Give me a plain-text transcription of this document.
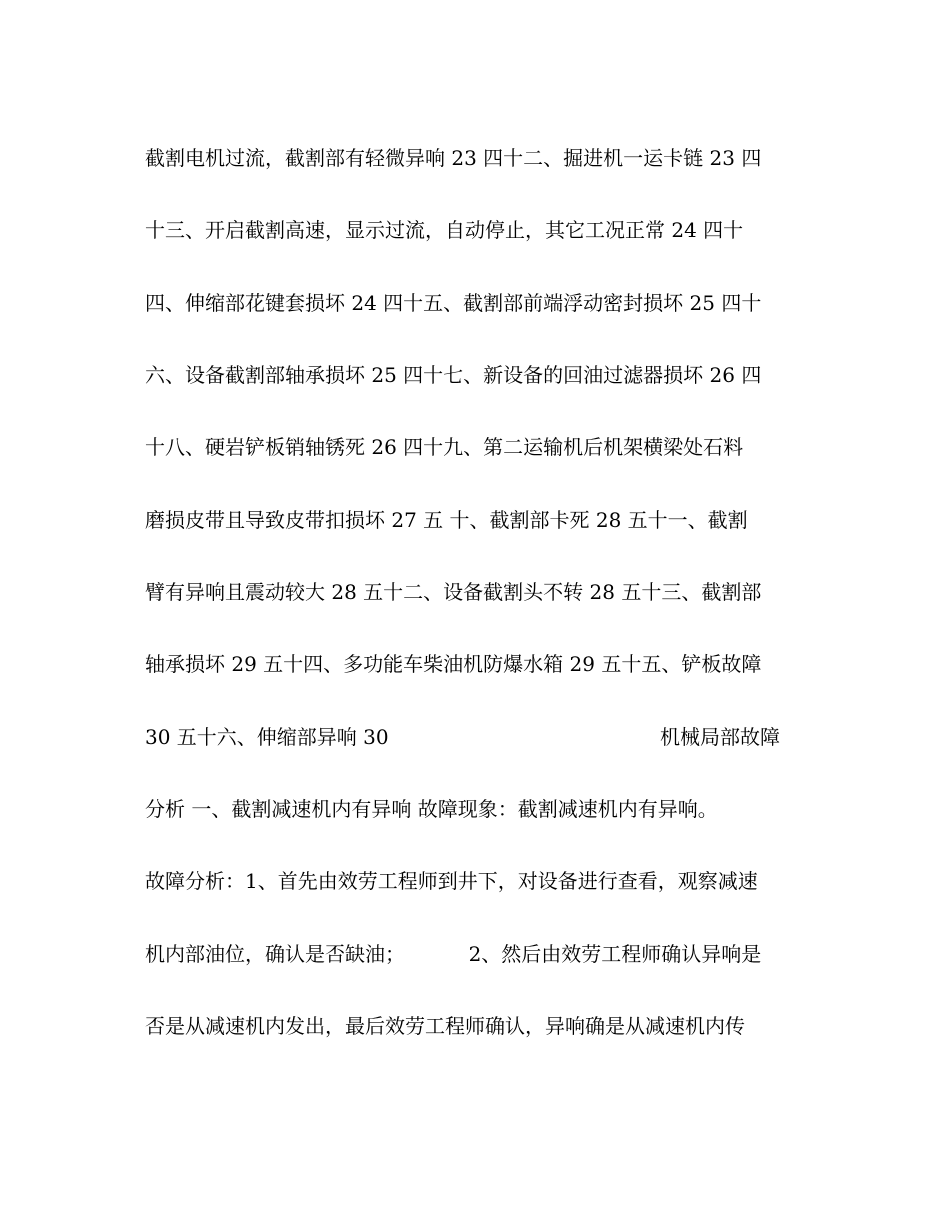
截割电机过流，截割部有轻微异响 23 四十二、掘进机一运卡链 23 四
十三、开启截割高速，显示过流，自动停止，其它工况正常 24 四十
四、伸缩部花键套损坏 24 四十五、截割部前端浮动密封损坏 25 四十
六、设备截割部轴承损坏 25 四十七、新设备的回油过滤器损坏 26 四
十八、硬岩铲板销轴锈死 26 四十九、第二运输机后机架横梁处石料
磨损皮带且导致皮带扣损坏 27 五 十、截割部卡死 28 五十一、截割
臂有异响且震动较大 28 五十二、设备截割头不转 28 五十三、截割部
轴承损坏 29 五十四、多功能车柴油机防爆水箱 29 五十五、铲板故障
30 五十六、伸缩部异响 30	机械局部故障
分析 一、截割减速机内有异响 故障现象：截割减速机内有异响。
故障分析：1、首先由效劳工程师到井下，对设备进行查看，观察减速
机内部油位，确认是否缺油；          2、然后由效劳工程师确认异响是
否是从减速机内发出，最后效劳工程师确认，异响确是从减速机内传
